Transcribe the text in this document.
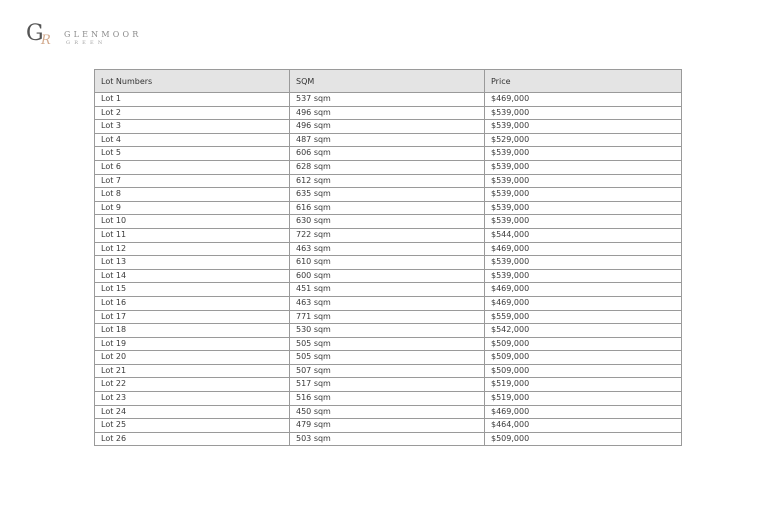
G
R GLENMOOR
GREEN
Lot Numbers	SQM	Price
Lot 1	537 sqm	$469,000
Lot 2	496 sqm	$539,000
Lot 3	496 sqm	$539,000
Lot 4	487 sqm	$529,000
Lot 5	606 sqm	$539,000
Lot 6	628 sqm	$539,000
Lot 7	612 sqm	$539,000
Lot 8	635 sqm	$539,000
Lot 9	616 sqm	$539,000
Lot 10	630 sqm	$539,000
Lot 11	722 sqm	$544,000
Lot 12	463 sqm	$469,000
Lot 13	610 sqm	$539,000
Lot 14	600 sqm	$539,000
Lot 15	451 sqm	$469,000
Lot 16	463 sqm	$469,000
Lot 17	771 sqm	$559,000
Lot 18	530 sqm	$542,000
Lot 19	505 sqm	$509,000
Lot 20	505 sqm	$509,000
Lot 21	507 sqm	$509,000
Lot 22	517 sqm	$519,000
Lot 23	516 sqm	$519,000
Lot 24	450 sqm	$469,000
Lot 25	479 sqm	$464,000
Lot 26	503 sqm	$509,000
